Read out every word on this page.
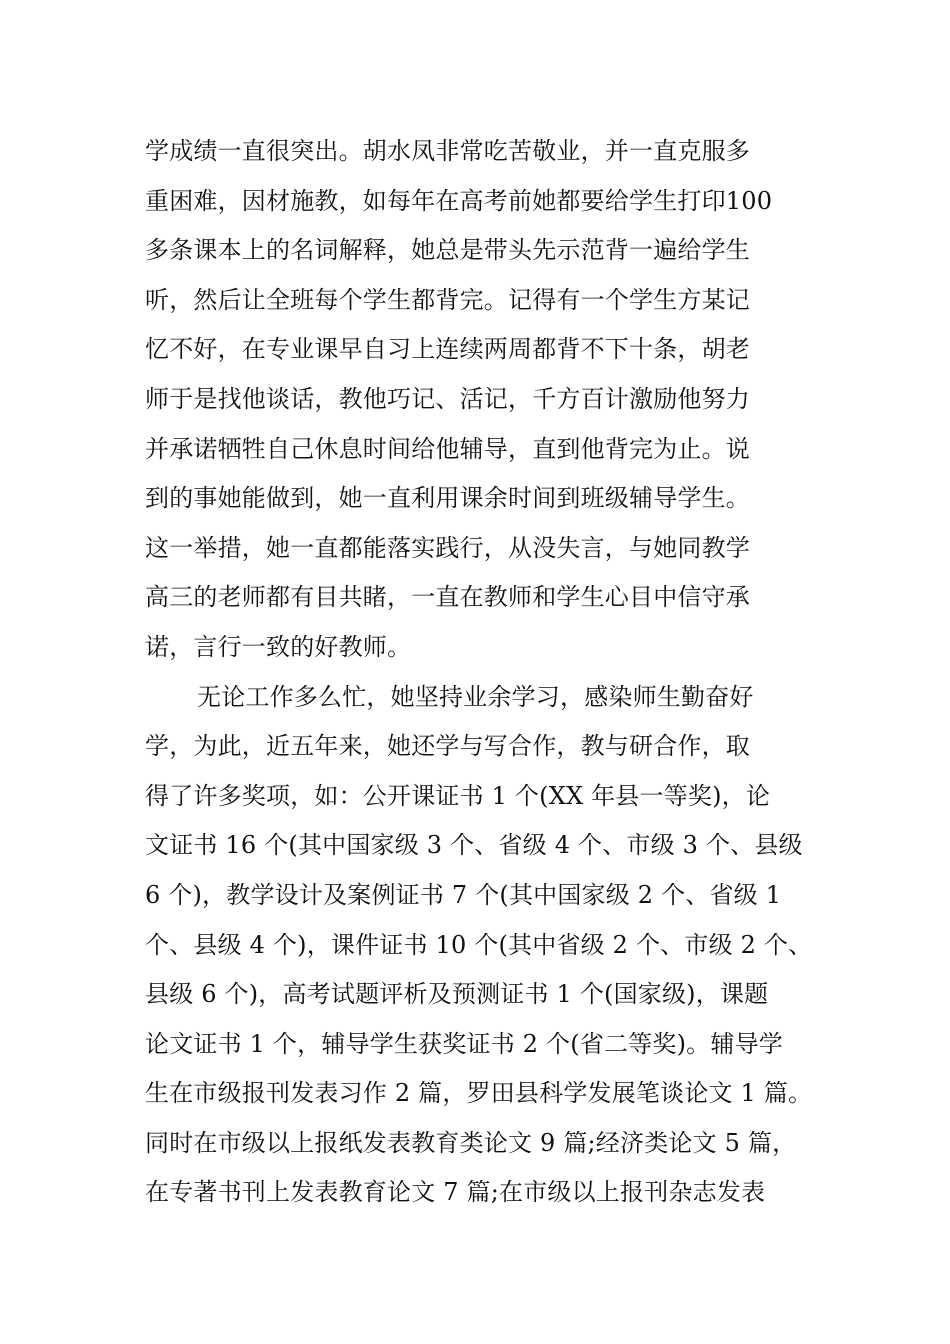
学成绩一直很突出。胡水凤非常吃苦敬业，并一直克服多
重困难，因材施教，如每年在高考前她都要给学生打印100
多条课本上的名词解释，她总是带头先示范背一遍给学生
听，然后让全班每个学生都背完。记得有一个学生方某记
忆不好，在专业课早自习上连续两周都背不下十条，胡老
师于是找他谈话，教他巧记、活记，千方百计激励他努力
并承诺牺牲自己休息时间给他辅导，直到他背完为止。说
到的事她能做到，她一直利用课余时间到班级辅导学生。
这一举措，她一直都能落实践行，从没失言，与她同教学
高三的老师都有目共睹，一直在教师和学生心目中信守承
诺，言行一致的好教师。
无论工作多么忙，她坚持业余学习，感染师生勤奋好
学，为此，近五年来，她还学与写合作，教与研合作，取
得了许多奖项，如：公开课证书 1 个(XX 年县一等奖)，论
文证书 16 个(其中国家级 3 个、省级 4 个、市级 3 个、县级
6 个)，教学设计及案例证书 7 个(其中国家级 2 个、省级 1
个、县级 4 个)，课件证书 10 个(其中省级 2 个、市级 2 个、
县级 6 个)，高考试题评析及预测证书 1 个(国家级)，课题
论文证书 1 个，辅导学生获奖证书 2 个(省二等奖)。辅导学
生在市级报刊发表习作 2 篇，罗田县科学发展笔谈论文 1 篇。
同时在市级以上报纸发表教育类论文 9 篇;经济类论文 5 篇，
在专著书刊上发表教育论文 7 篇;在市级以上报刊杂志发表
